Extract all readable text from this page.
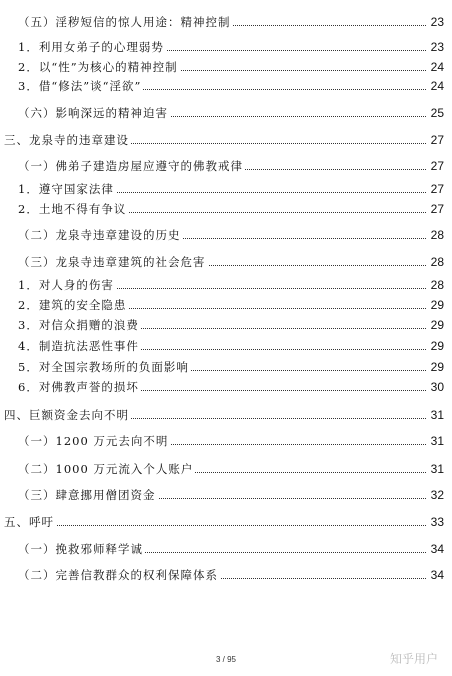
（五）淫秽短信的惊人用途：精神控制	23
1．利用女弟子的心理弱势	23
2．以“性”为核心的精神控制	24
3．借“修法”谈“淫欲”	24
（六）影响深远的精神迫害	25
三、龙泉寺的违章建设	27
（一）佛弟子建造房屋应遵守的佛教戒律	27
1．遵守国家法律	27
2．土地不得有争议	27
（二）龙泉寺违章建设的历史	28
（三）龙泉寺违章建筑的社会危害	28
1．对人身的伤害	28
2．建筑的安全隐患	29
3．对信众捐赠的浪费	29
4．制造抗法恶性事件	29
5．对全国宗教场所的负面影响	29
6．对佛教声誉的损坏	30
四、巨额资金去向不明	31
（一）1200 万元去向不明	31
（二）1000 万元流入个人账户	31
（三）肆意挪用僧团资金	32
五、呼吁	33
（一）挽救邪师释学诚	34
（二）完善信教群众的权利保障体系	34
3 / 95	知乎用户
